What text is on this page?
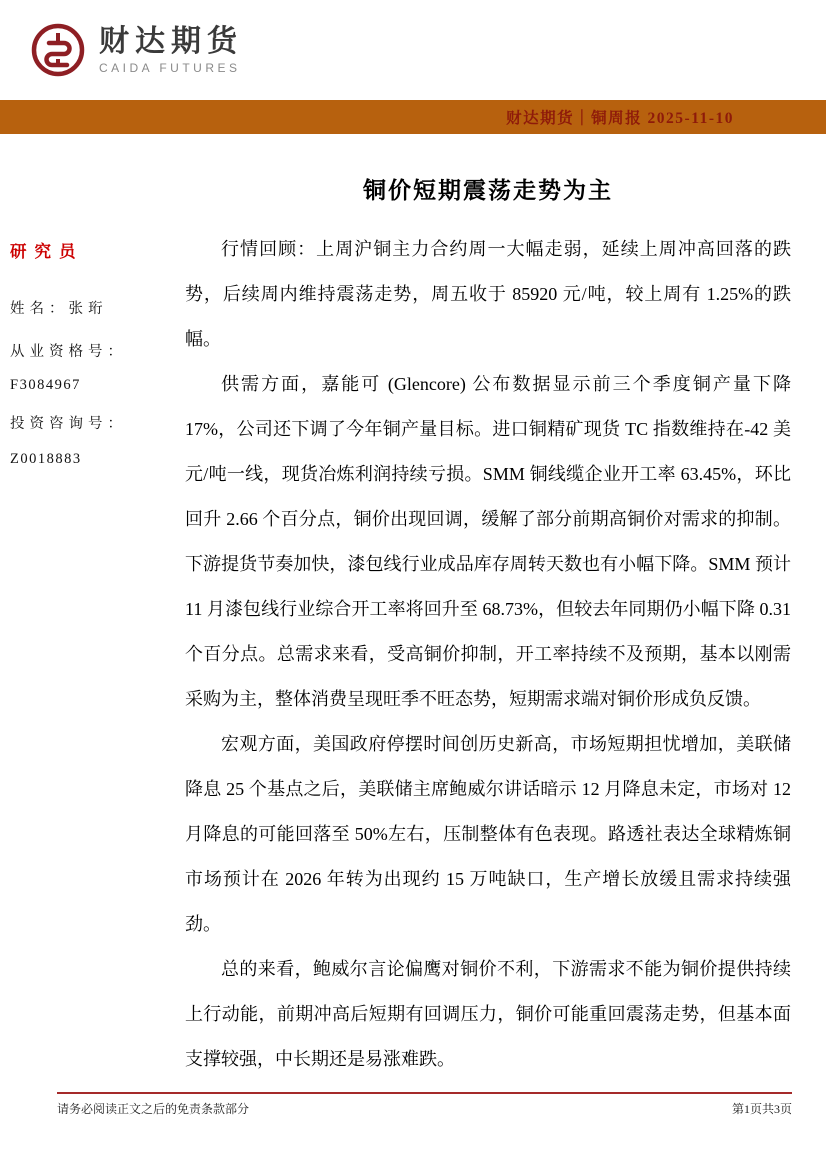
财达期货
CAIDA FUTURES
财达期货｜铜周报 2025-11-10
研究员
姓名：张珩
从业资格号：
F3084967
投资咨询号：
Z0018883
铜价短期震荡走势为主

行情回顾：上周沪铜主力合约周一大幅走弱，延续上周冲高回落的跌势，后续周内维持震荡走势，周五收于 85920 元/吨，较上周有 1.25%的跌幅。

供需方面，嘉能可 (Glencore) 公布数据显示前三个季度铜产量下降 17%，公司还下调了今年铜产量目标。进口铜精矿现货 TC 指数维持在-42 美元/吨一线，现货冶炼利润持续亏损。SMM 铜线缆企业开工率 63.45%，环比回升 2.66 个百分点，铜价出现回调，缓解了部分前期高铜价对需求的抑制。下游提货节奏加快，漆包线行业成品库存周转天数也有小幅下降。SMM 预计 11 月漆包线行业综合开工率将回升至 68.73%，但较去年同期仍小幅下降 0.31 个百分点。总需求来看，受高铜价抑制，开工率持续不及预期，基本以刚需采购为主，整体消费呈现旺季不旺态势，短期需求端对铜价形成负反馈。

宏观方面，美国政府停摆时间创历史新高，市场短期担忧增加，美联储降息 25 个基点之后，美联储主席鲍威尔讲话暗示 12 月降息未定，市场对 12 月降息的可能回落至 50%左右，压制整体有色表现。路透社表达全球精炼铜市场预计在 2026 年转为出现约 15 万吨缺口，生产增长放缓且需求持续强劲。

总的来看，鲍威尔言论偏鹰对铜价不利，下游需求不能为铜价提供持续上行动能，前期冲高后短期有回调压力，铜价可能重回震荡走势，但基本面支撑较强，中长期还是易涨难跌。

请务必阅读正文之后的免责条款部分	第1页共3页
